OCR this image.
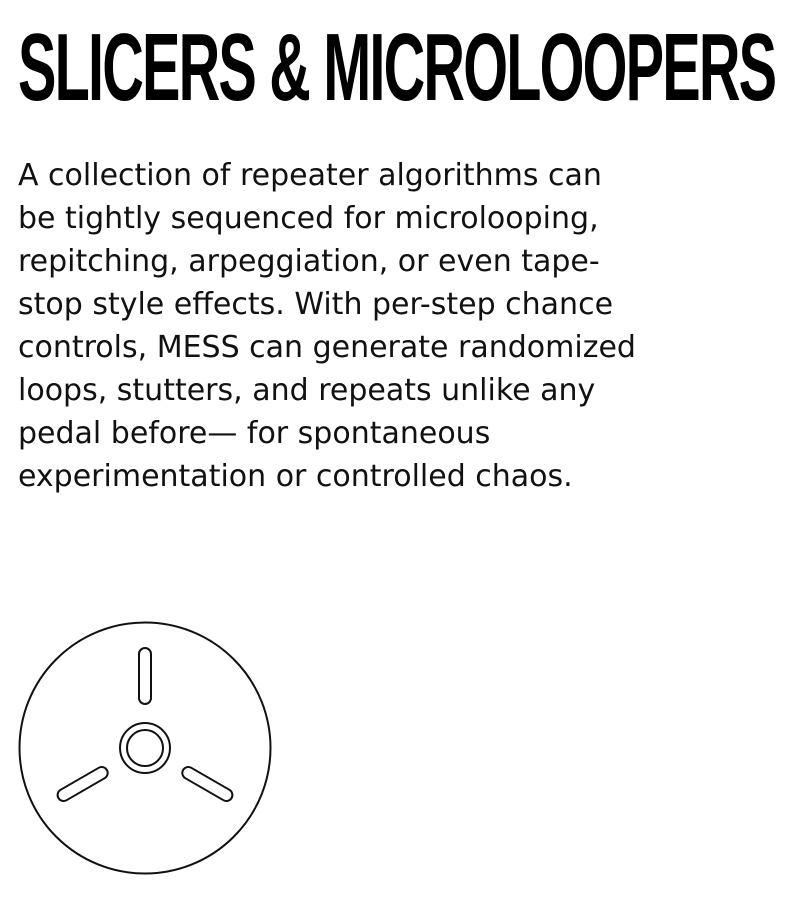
SLICERS & MICROLOOPERS

A collection of repeater algorithms can be tightly sequenced for microlooping, repitching, arpeggiation, or even tape-stop style effects. With per-step chance controls, MESS can generate randomized loops, stutters, and repeats unlike any pedal before— for spontaneous experimentation or controlled chaos.
